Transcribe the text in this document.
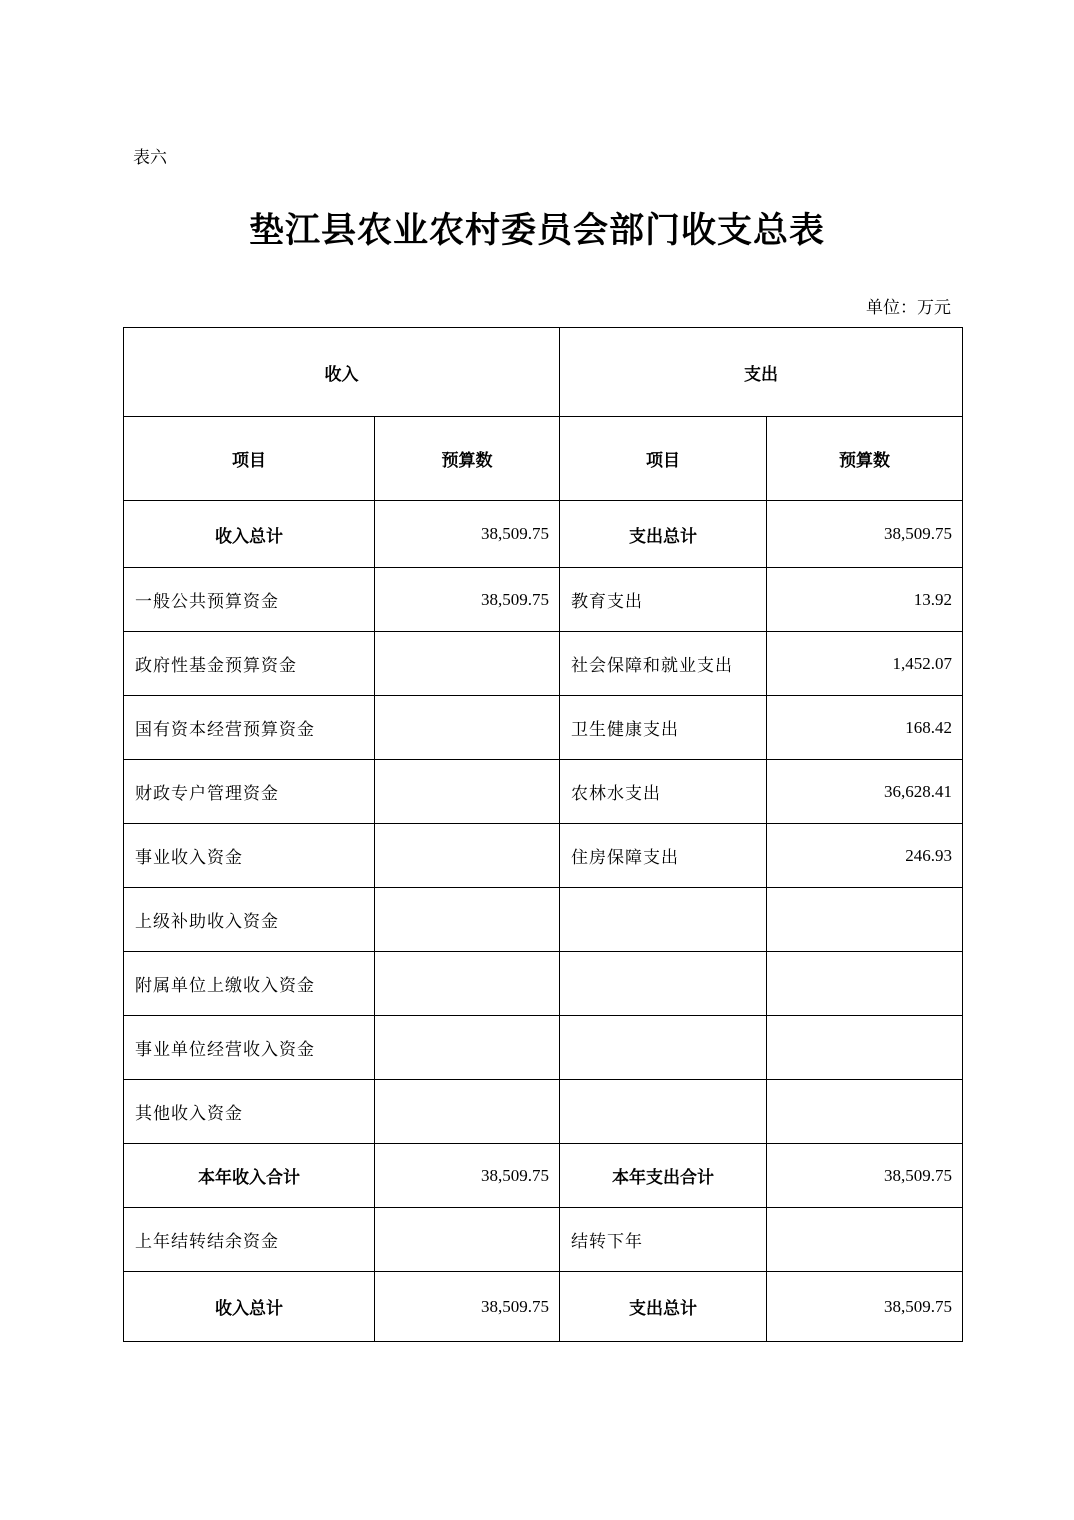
表六
垫江县农业农村委员会部门收支总表
单位：万元
收入		支出	
项目	预算数	项目	预算数
收入总计	38,509.75	支出总计	38,509.75
一般公共预算资金	38,509.75	教育支出	13.92
政府性基金预算资金		社会保障和就业支出	1,452.07
国有资本经营预算资金		卫生健康支出	168.42
财政专户管理资金		农林水支出	36,628.41
事业收入资金		住房保障支出	246.93
上级补助收入资金			
附属单位上缴收入资金			
事业单位经营收入资金			
其他收入资金			
本年收入合计	38,509.75	本年支出合计	38,509.75
上年结转结余资金		结转下年	
收入总计	38,509.75	支出总计	38,509.75
